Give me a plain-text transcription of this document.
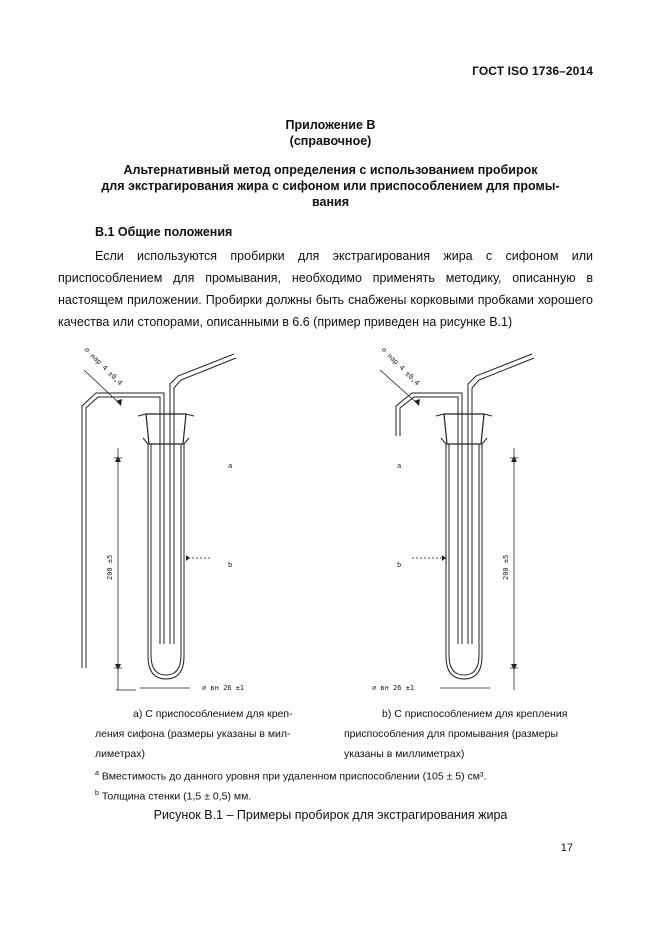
ГОСТ ISO 1736–2014
Приложение В
(справочное)
Альтернативный метод определения с использованием пробирок
для экстрагирования жира с сифоном или приспособлением для промы-
вания
В.1 Общие положения

Если используются пробирки для экстрагирования жира с сифоном или приспособлением для промывания, необходимо применять методику, описанную в настоящем приложении. Пробирки должны быть снабжены корковыми пробками хорошего качества или стопорами, описанными в 6.6 (пример приведен на рисунке В.1)

⌀ нар 4 ±0,4	⌀ нар 4 ±0,4
200 ±5	200 ±5
⌀ вн 26 ±1	⌀ вн 26 ±1
a
b
a
b
а) С приспособлением для креп-
ления сифона (размеры указаны в мил-
лиметрах)
b) С приспособлением для крепления
приспособления для промывания (размеры
указаны в миллиметрах)
$^a$ Вместимость до данного уровня при удаленном приспособлении (105 ± 5) см³.
$^b$ Толщина стенки (1,5 ± 0,5) мм.
Рисунок В.1 – Примеры пробирок для экстрагирования жира
17
